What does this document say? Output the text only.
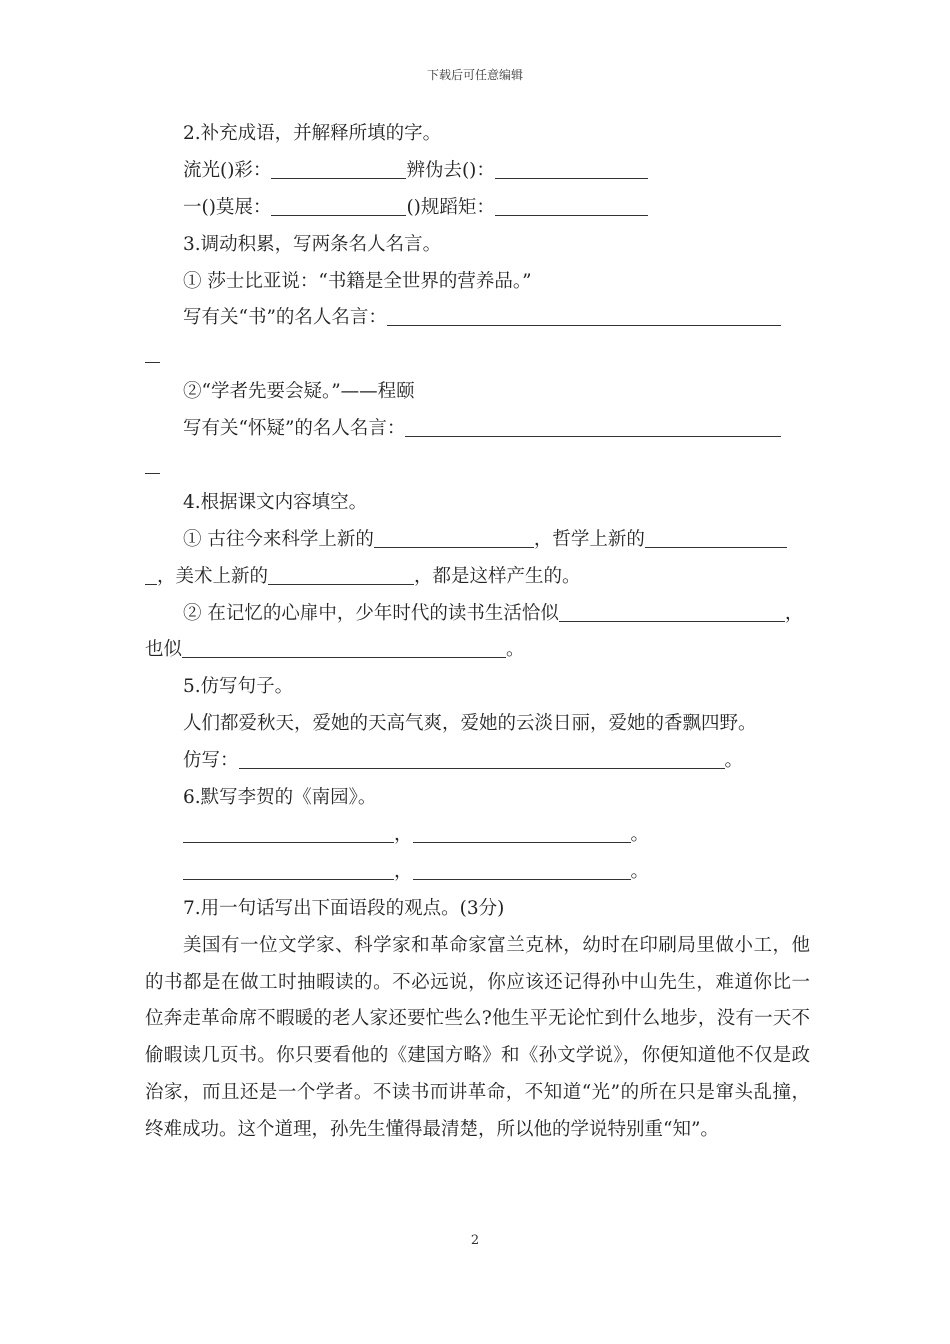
下载后可任意编辑
2.补充成语，并解释所填的字。
流光()彩：	辨伪去()：
一()莫展：	()规蹈矩：
3.调动积累，写两条名人名言。
① 莎士比亚说：“书籍是全世界的营养品。”
写有关“书”的名人名言：
②“学者先要会疑。”——程颐
写有关“怀疑”的名人名言：
4.根据课文内容填空。
① 古往今来科学上新的	，哲学上新的
，美术上新的	，都是这样产生的。
② 在记忆的心扉中，少年时代的读书生活恰似	，
也似	。
5.仿写句子。
人们都爱秋天，爱她的天高气爽，爱她的云淡日丽，爱她的香飘四野。
仿写：	。
6.默写李贺的《南园》。
，	。
，	。
7.用一句话写出下面语段的观点。(3分)

美国有一位文学家、科学家和革命家富兰克林，幼时在印刷局里做小工，他的书都是在做工时抽暇读的。不必远说，你应该还记得孙中山先生，难道你比一位奔走革命席不暇暖的老人家还要忙些么?他生平无论忙到什么地步，没有一天不偷暇读几页书。你只要看他的《建国方略》和《孙文学说》，你便知道他不仅是政治家，而且还是一个学者。不读书而讲革命，不知道“光”的所在只是窜头乱撞，终难成功。这个道理，孙先生懂得最清楚，所以他的学说特别重“知”。

2
